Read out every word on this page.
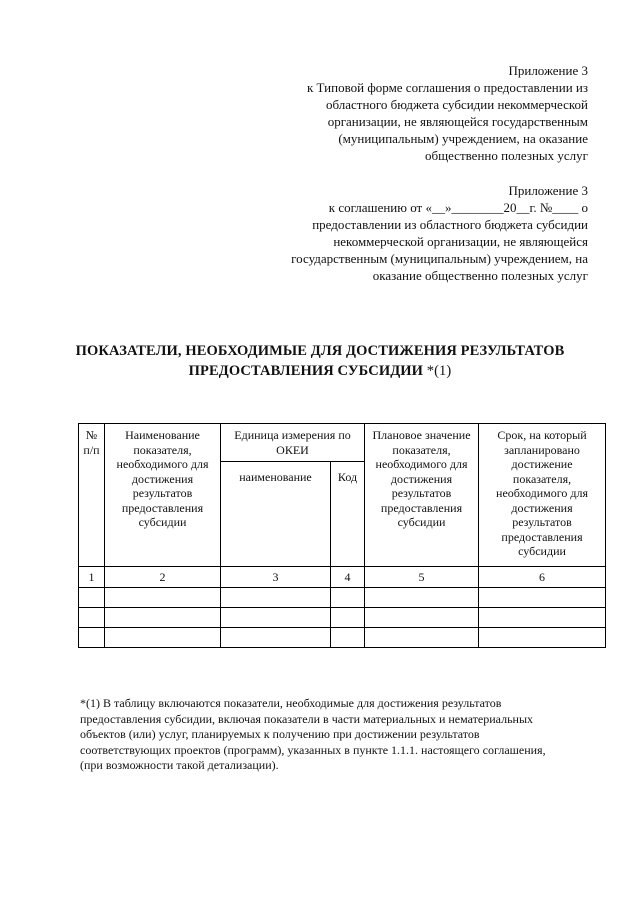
Приложение 3
к Типовой форме соглашения о предоставлении из
областного бюджета субсидии некоммерческой
организации, не являющейся государственным
(муниципальным) учреждением, на оказание
общественно полезных услуг
Приложение 3
к соглашению от «__»________20__г. №____ о
предоставлении из областного бюджета субсидии
некоммерческой организации, не являющейся
государственным (муниципальным) учреждением, на
оказание общественно полезных услуг
ПОКАЗАТЕЛИ, НЕОБХОДИМЫЕ ДЛЯ ДОСТИЖЕНИЯ РЕЗУЛЬТАТОВ
ПРЕДОСТАВЛЕНИЯ СУБСИДИИ *(1)
№ п/п	Наименование показателя, необходимого для достижения результатов предоставления субсидии	Единица измерения по ОКЕИ		Плановое значение показателя, необходимого для достижения результатов предоставления субсидии	Срок, на который запланировано достижение показателя, необходимого для достижения результатов предоставления субсидии
		наименование	Код		
1	2	3	4	5	6

*(1) В таблицу включаются показатели, необходимые для достижения результатов
предоставления субсидии, включая показатели в части материальных и нематериальных
объектов (или) услуг, планируемых к получению при достижении результатов
соответствующих проектов (программ), указанных в пункте 1.1.1. настоящего соглашения,
(при возможности такой детализации).
